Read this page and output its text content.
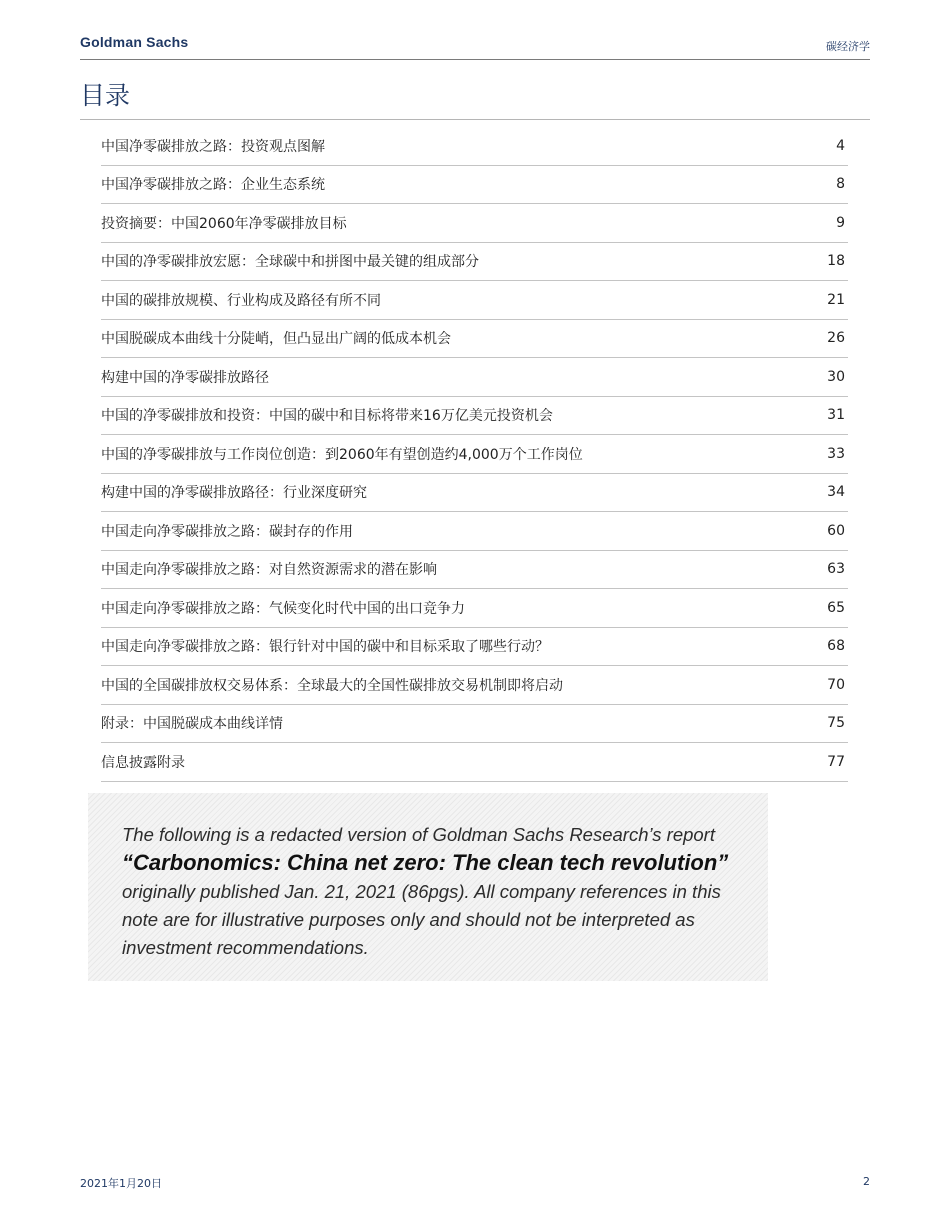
Goldman Sachs	碳经济学
目录
中国净零碳排放之路：投资观点图解	4
中国净零碳排放之路：企业生态系统	8
投资摘要：中国2060年净零碳排放目标	9
中国的净零碳排放宏愿：全球碳中和拼图中最关键的组成部分	18
中国的碳排放规模、行业构成及路径有所不同	21
中国脱碳成本曲线十分陡峭，但凸显出广阔的低成本机会	26
构建中国的净零碳排放路径	30
中国的净零碳排放和投资：中国的碳中和目标将带来16万亿美元投资机会	31
中国的净零碳排放与工作岗位创造：到2060年有望创造约4,000万个工作岗位	33
构建中国的净零碳排放路径：行业深度研究	34
中国走向净零碳排放之路：碳封存的作用	60
中国走向净零碳排放之路：对自然资源需求的潜在影响	63
中国走向净零碳排放之路：气候变化时代中国的出口竞争力	65
中国走向净零碳排放之路：银行针对中国的碳中和目标采取了哪些行动？	68
中国的全国碳排放权交易体系：全球最大的全国性碳排放交易机制即将启动	70
附录：中国脱碳成本曲线详情	75
信息披露附录	77

The following is a redacted version of Goldman Sachs Research’s report “Carbonomics: China net zero: The clean tech revolution” originally published Jan. 21, 2021 (86pgs). All company references in this note are for illustrative purposes only and should not be interpreted as investment recommendations.

2021年1月20日	2
